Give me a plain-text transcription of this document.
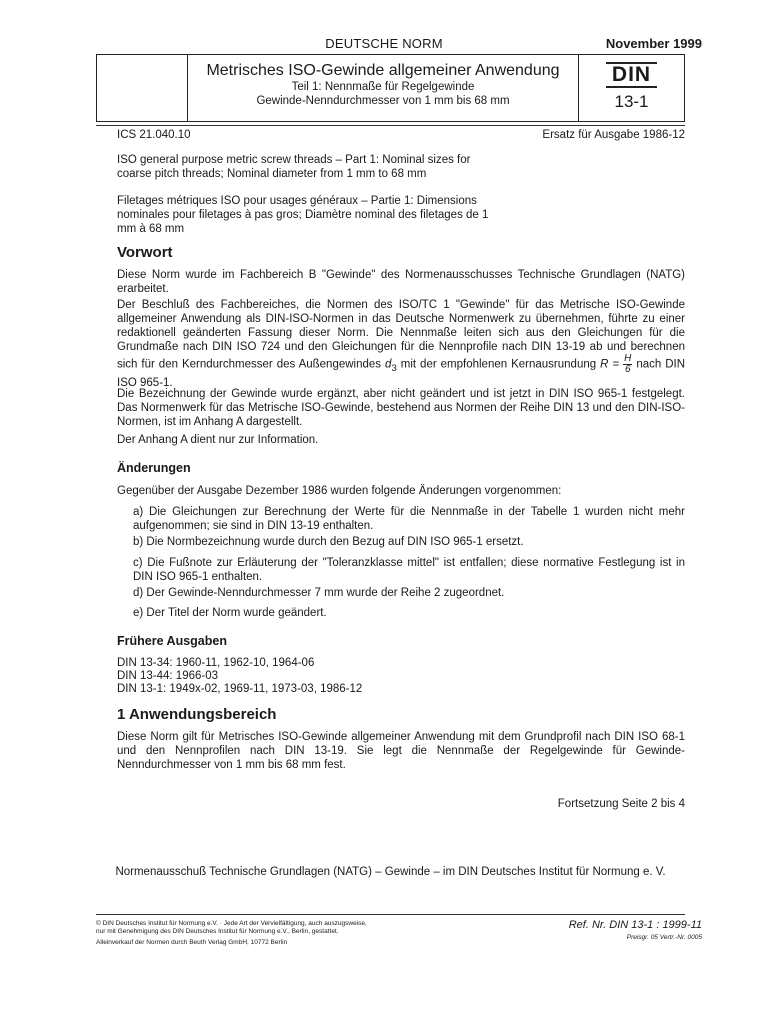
DEUTSCHE NORM	November 1999
Metrisches ISO-Gewinde allgemeiner Anwendung
Teil 1: Nennmaße für Regelgewinde
Gewinde-Nenndurchmesser von 1 mm bis 68 mm
DIN
13-1
ICS 21.040.10	Ersatz für Ausgabe 1986-12
ISO general purpose metric screw threads – Part 1: Nominal sizes for coarse pitch threads; Nominal diameter from 1 mm to 68 mm
Filetages métriques ISO pour usages généraux – Partie 1: Dimensions nominales pour filetages à pas gros; Diamètre nominal des filetages de 1 mm à 68 mm
Vorwort
Diese Norm wurde im Fachbereich B "Gewinde" des Normenausschusses Technische Grundlagen (NATG) erarbeitet.
Der Beschluß des Fachbereiches, die Normen des ISO/TC 1 "Gewinde" für das Metrische ISO-Gewinde allgemeiner Anwendung als DIN-ISO-Normen in das Deutsche Normenwerk zu übernehmen, führte zu einer redaktionell geänderten Fassung dieser Norm. Die Nennmaße leiten sich aus den Gleichungen für die Grundmaße nach DIN ISO 724 und den Gleichungen für die Nennprofile nach DIN 13-19 ab und berechnen sich für den Kerndurchmesser des Außengewindes $d_3$ mit der empfohlenen Kernausrundung $R = \frac{H}{6}$ nach DIN ISO 965-1.
Die Bezeichnung der Gewinde wurde ergänzt, aber nicht geändert und ist jetzt in DIN ISO 965-1 festgelegt. Das Normenwerk für das Metrische ISO-Gewinde, bestehend aus Normen der Reihe DIN 13 und den DIN-ISO-Normen, ist im Anhang A dargestellt.
Der Anhang A dient nur zur Information.
Änderungen
Gegenüber der Ausgabe Dezember 1986 wurden folgende Änderungen vorgenommen:
a) Die Gleichungen zur Berechnung der Werte für die Nennmaße in der Tabelle 1 wurden nicht mehr aufgenommen; sie sind in DIN 13-19 enthalten.
b) Die Normbezeichnung wurde durch den Bezug auf DIN ISO 965-1 ersetzt.
c) Die Fußnote zur Erläuterung der "Toleranzklasse mittel" ist entfallen; diese normative Festlegung ist in DIN ISO 965-1 enthalten.
d) Der Gewinde-Nenndurchmesser 7 mm wurde der Reihe 2 zugeordnet.
e) Der Titel der Norm wurde geändert.
Frühere Ausgaben
DIN 13-34: 1960-11, 1962-10, 1964-06
DIN 13-44: 1966-03
DIN 13-1: 1949x-02, 1969-11, 1973-03, 1986-12
1 Anwendungsbereich
Diese Norm gilt für Metrisches ISO-Gewinde allgemeiner Anwendung mit dem Grundprofil nach DIN ISO 68-1 und den Nennprofilen nach DIN 13-19. Sie legt die Nennmaße der Regelgewinde für Gewinde-Nenndurchmesser von 1 mm bis 68 mm fest.
Fortsetzung Seite 2 bis 4
Normenausschuß Technische Grundlagen (NATG) – Gewinde – im DIN Deutsches Institut für Normung e. V.
© DIN Deutsches Institut für Normung e.V. · Jede Art der Vervielfältigung, auch auszugsweise,
nur mit Genehmigung des DIN Deutsches Institut für Normung e.V., Berlin, gestattet.
Alleinverkauf der Normen durch Beuth Verlag GmbH, 10772 Berlin
Ref. Nr. DIN 13-1 : 1999-11
Preisgr. 05 Vertr.-Nr. 0005
